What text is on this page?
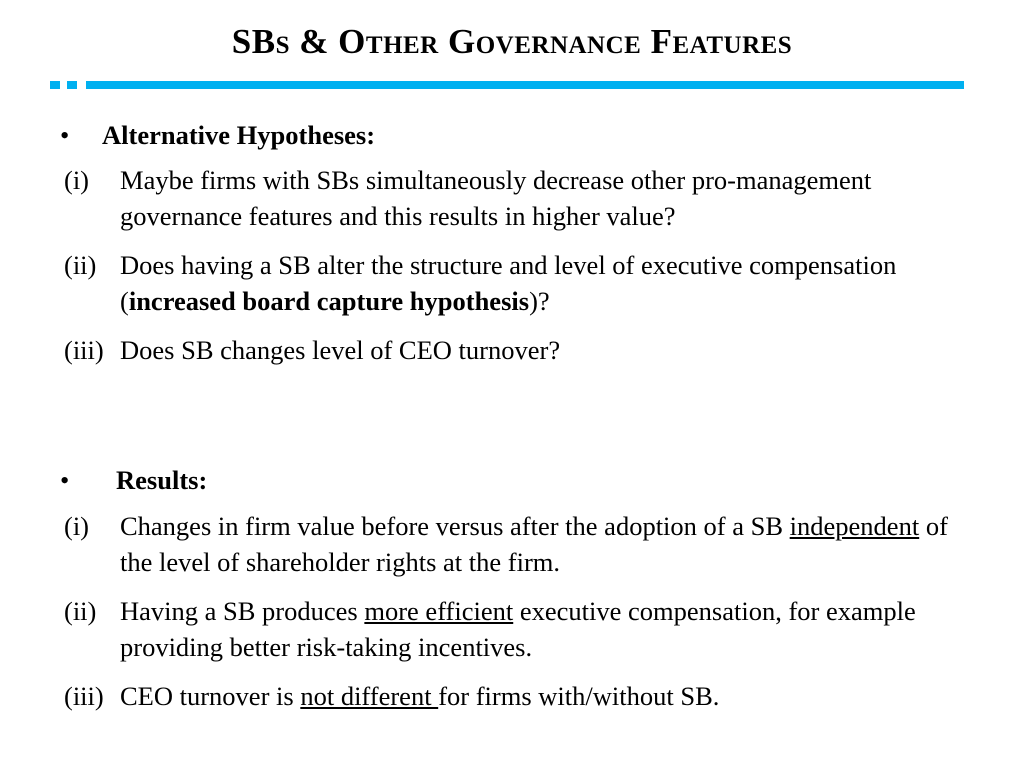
SBs & Other Governance Features
• Alternative Hypotheses:
(i) Maybe firms with SBs simultaneously decrease other pro-management governance features and this results in higher value?
(ii) Does having a SB alter the structure and level of executive compensation (increased board capture hypothesis)?
(iii) Does SB changes level of CEO turnover?
• Results:
(i) Changes in firm value before versus after the adoption of a SB independent of the level of shareholder rights at the firm.
(ii) Having a SB produces more efficient executive compensation, for example providing better risk-taking incentives.
(iii) CEO turnover is not different for firms with/without SB.
